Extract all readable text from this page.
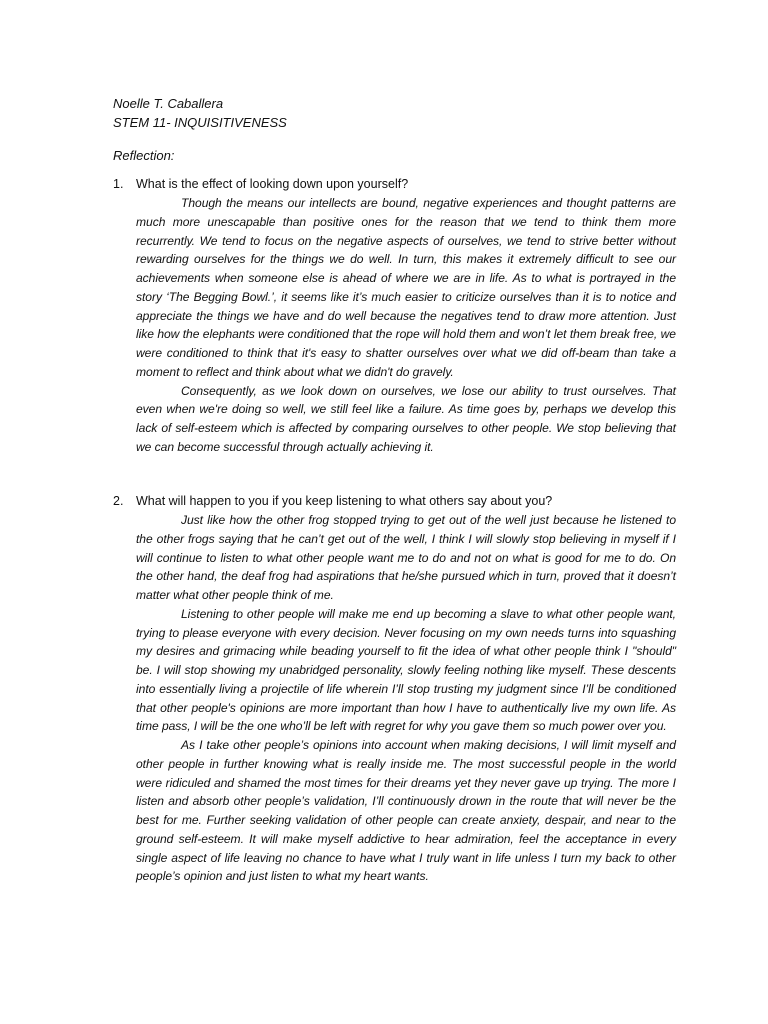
Noelle T. Caballera
STEM 11- INQUISITIVENESS
Reflection:
1. What is the effect of looking down upon yourself?

Though the means our intellects are bound, negative experiences and thought patterns are much more unescapable than positive ones for the reason that we tend to think them more recurrently. We tend to focus on the negative aspects of ourselves, we tend to strive better without rewarding ourselves for the things we do well. In turn, this makes it extremely difficult to see our achievements when someone else is ahead of where we are in life. As to what is portrayed in the story ‘The Begging Bowl.’, it seems like it’s much easier to criticize ourselves than it is to notice and appreciate the things we have and do well because the negatives tend to draw more attention. Just like how the elephants were conditioned that the rope will hold them and won’t let them break free, we were conditioned to think that it's easy to shatter ourselves over what we did off-beam than take a moment to reflect and think about what we didn't do gravely.

Consequently, as we look down on ourselves, we lose our ability to trust ourselves. That even when we're doing so well, we still feel like a failure. As time goes by, perhaps we develop this lack of self-esteem which is affected by comparing ourselves to other people. We stop believing that we can become successful through actually achieving it.

2. What will happen to you if you keep listening to what others say about you?

Just like how the other frog stopped trying to get out of the well just because he listened to the other frogs saying that he can’t get out of the well, I think I will slowly stop believing in myself if I will continue to listen to what other people want me to do and not on what is good for me to do. On the other hand, the deaf frog had aspirations that he/she pursued which in turn, proved that it doesn’t matter what other people think of me.

Listening to other people will make me end up becoming a slave to what other people want, trying to please everyone with every decision. Never focusing on my own needs turns into squashing my desires and grimacing while beading yourself to fit the idea of what other people think I "should" be. I will stop showing my unabridged personality, slowly feeling nothing like myself. These descents into essentially living a projectile of life wherein I’ll stop trusting my judgment since I’ll be conditioned that other people's opinions are more important than how I have to authentically live my own life. As time pass, I will be the one who’ll be left with regret for why you gave them so much power over you.

As I take other people’s opinions into account when making decisions, I will limit myself and other people in further knowing what is really inside me. The most successful people in the world were ridiculed and shamed the most times for their dreams yet they never gave up trying. The more I listen and absorb other people’s validation, I’ll continuously drown in the route that will never be the best for me. Further seeking validation of other people can create anxiety, despair, and near to the ground self-esteem. It will make myself addictive to hear admiration, feel the acceptance in every single aspect of life leaving no chance to have what I truly want in life unless I turn my back to other people’s opinion and just listen to what my heart wants.
